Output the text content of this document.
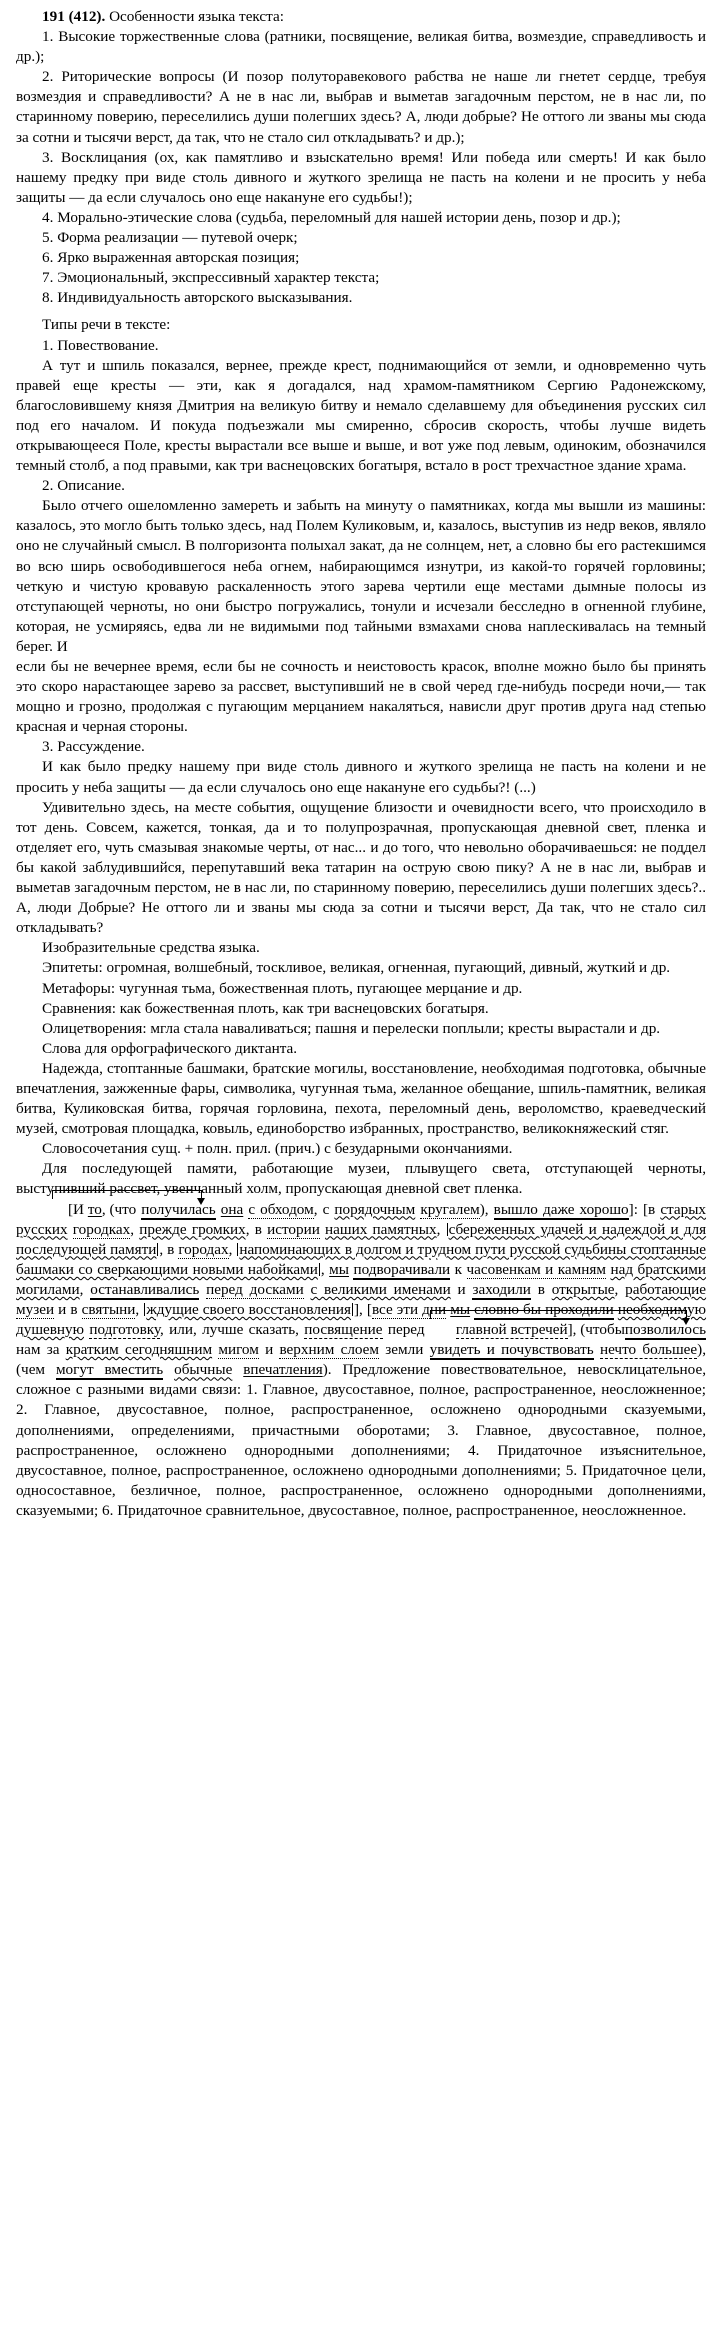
191 (412). Особенности языка текста:

1. Высокие торжественные слова (ратники, посвящение, великая битва, возмездие, справедливость и др.);

2. Риторические вопросы (И позор полуторавекового рабства не наше ли гнетет сердце, требуя возмездия и справедливости? А не в нас ли, выбрав и выметав загадочным перстом, не в нас ли, по старинному поверию, переселились души полегших здесь? А, люди добрые? Не оттого ли званы мы сюда за сотни и тысячи верст, да так, что не стало сил откладывать? и др.);

3. Восклицания (ох, как памятливо и взыскательно время! Или победа или смерть! И как было нашему предку при виде столь дивного и жуткого зрелища не пасть на колени и не просить у неба защиты — да если случалось оно еще накануне его судьбы!);

4. Морально-этические слова (судьба, переломный для нашей истории день, позор и др.);

5. Форма реализации — путевой очерк;

6. Ярко выраженная авторская позиция;

7. Эмоциональный, экспрессивный характер текста;

8. Индивидуальность авторского высказывания.

Типы речи в тексте:

1. Повествование.

А тут и шпиль показался, вернее, прежде крест, поднимающийся от земли, и одновременно чуть правей еще кресты — эти, как я догадался, над храмом-памятником Сергию Радонежскому, благословившему князя Дмитрия на великую битву и немало сделавшему для объединения русских сил под его началом. И покуда подъезжали мы смиренно, сбросив скорость, чтобы лучше видеть открывающееся Поле, кресты вырастали все выше и выше, и вот уже под левым, одиноким, обозначился темный столб, а под правыми, как три васнецовских богатыря, встало в рост трехчастное здание храма.

2. Описание.

Было отчего ошеломленно замереть и забыть на минуту о памятниках, когда мы вышли из машины: казалось, это могло быть только здесь, над Полем Куликовым, и, казалось, выступив из недр веков, являло оно не случайный смысл. В полгоризонта полыхал закат, да не солнцем, нет, а словно бы его растекшимся во всю ширь освободившегося неба огнем, набирающимся изнутри, из какой-то горячей горловины; четкую и чистую кровавую раскаленность этого зарева чертили еще местами дымные полосы из отступающей черноты, но они быстро погружались, тонули и исчезали бесследно в огненной глубине, которая, не усмиряясь, едва ли не видимыми под тайными взмахами снова наплескивалась на темный берег. И

если бы не вечернее время, если бы не сочность и неистовость красок, вполне можно было бы принять это скоро нарастающее зарево за рассвет, выступивший не в свой черед где-нибудь посреди ночи,— так мощно и грозно, продолжая с пугающим мерцанием накаляться, нависли друг против друга над степью красная и черная стороны.

3. Рассуждение.

И как было предку нашему при виде столь дивного и жуткого зрелища не пасть на колени и не просить у неба защиты — да если случалось оно еще накануне его судьбы?! (...)

Удивительно здесь, на месте события, ощущение близости и очевидности всего, что происходило в тот день. Совсем, кажется, тонкая, да и то полупрозрачная, пропускающая дневной свет, пленка и отделяет его, чуть смазывая знакомые черты, от нас... и до того, что невольно оборачиваешься: не поддел бы какой заблудившийся, перепутавший века татарин на острую свою пику? А не в нас ли, выбрав и выметав загадочным перстом, не в нас ли, по старинному поверию, переселились души полегших здесь?.. А, люди Добрые? Не оттого ли и званы мы сюда за сотни и тысячи верст, Да так, что не стало сил откладывать?

Изобразительные средства языка.

Эпитеты: огромная, волшебный, тоскливое, великая, огненная, пугающий, дивный, жуткий и др.

Метафоры: чугунная тьма, божественная плоть, пугающее мерцание и др.

Сравнения: как божественная плоть, как три васнецовских богатыря.

Олицетворения: мгла стала наваливаться; пашня и перелески поплыли; кресты вырастали и др.

Слова для орфографического диктанта.

Надежда, стоптанные башмаки, братские могилы, восстановление, необходимая подготовка, обычные впечатления, зажженные фары, символика, чугунная тьма, желанное обещание, шпиль-памятник, великая битва, Куликовская битва, горячая горловина, пехота, переломный день, вероломство, краеведческий музей, смотровая площадка, ковыль, единоборство избранных, пространство, великокняжеский стяг.

Словосочетания сущ. + полн. прил. (прич.) с безударными окончаниями.

Для последующей памяти, работающие музеи, плывущего света, отступающей черноты, выступивший рассвет, увенчанный холм, пропускающая дневной свет пленка.

[И то, (что получилась она с обходом, с порядочным кругалем), вышло даже хорошо]: [в старых русских городках, прежде громких, в истории наших памятных, сбереженных удачей и надеждой и для последующей памяти , в городах, напоминающих в долгом и трудном пути русской судьбины стоптанные башмаки со сверкающими новыми набойками , мы подворачивали к часовенкам и камням над братскими могилами, останавливались перед досками с великими именами и заходили в открытые, работающие музеи и в святыни, ждущие своего восстановления ], [все эти дни мы словно бы проходили необходимую душевную подготовку, или, лучше сказать, посвящение перед
главной встречей], (чтобыпозволилось нам за кратким сегодняшним мигом и верхним слоем земли увидеть и почувствовать нечто большее), (чем могут вместить обычные впечатления). Предложение повествовательное, невосклицательное, сложное с разными видами связи: 1. Главное, двусоставное, полное, распространенное, неосложненное; 2. Главное, двусоставное, полное, распространенное, осложнено однородными сказуемыми, дополнениями, определениями, причастными оборотами; 3. Главное, двусоставное, полное, распространенное, осложнено однородными дополнениями; 4. Придаточное изъяснительное, двусоставное, полное, распространенное, осложнено однородными дополнениями; 5. Придаточное цели, односоставное, безличное, полное, распространенное, осложнено однородными дополнениями, сказуемыми; 6. Придаточное сравнительное, двусоставное, полное, распространенное, неосложненное.
